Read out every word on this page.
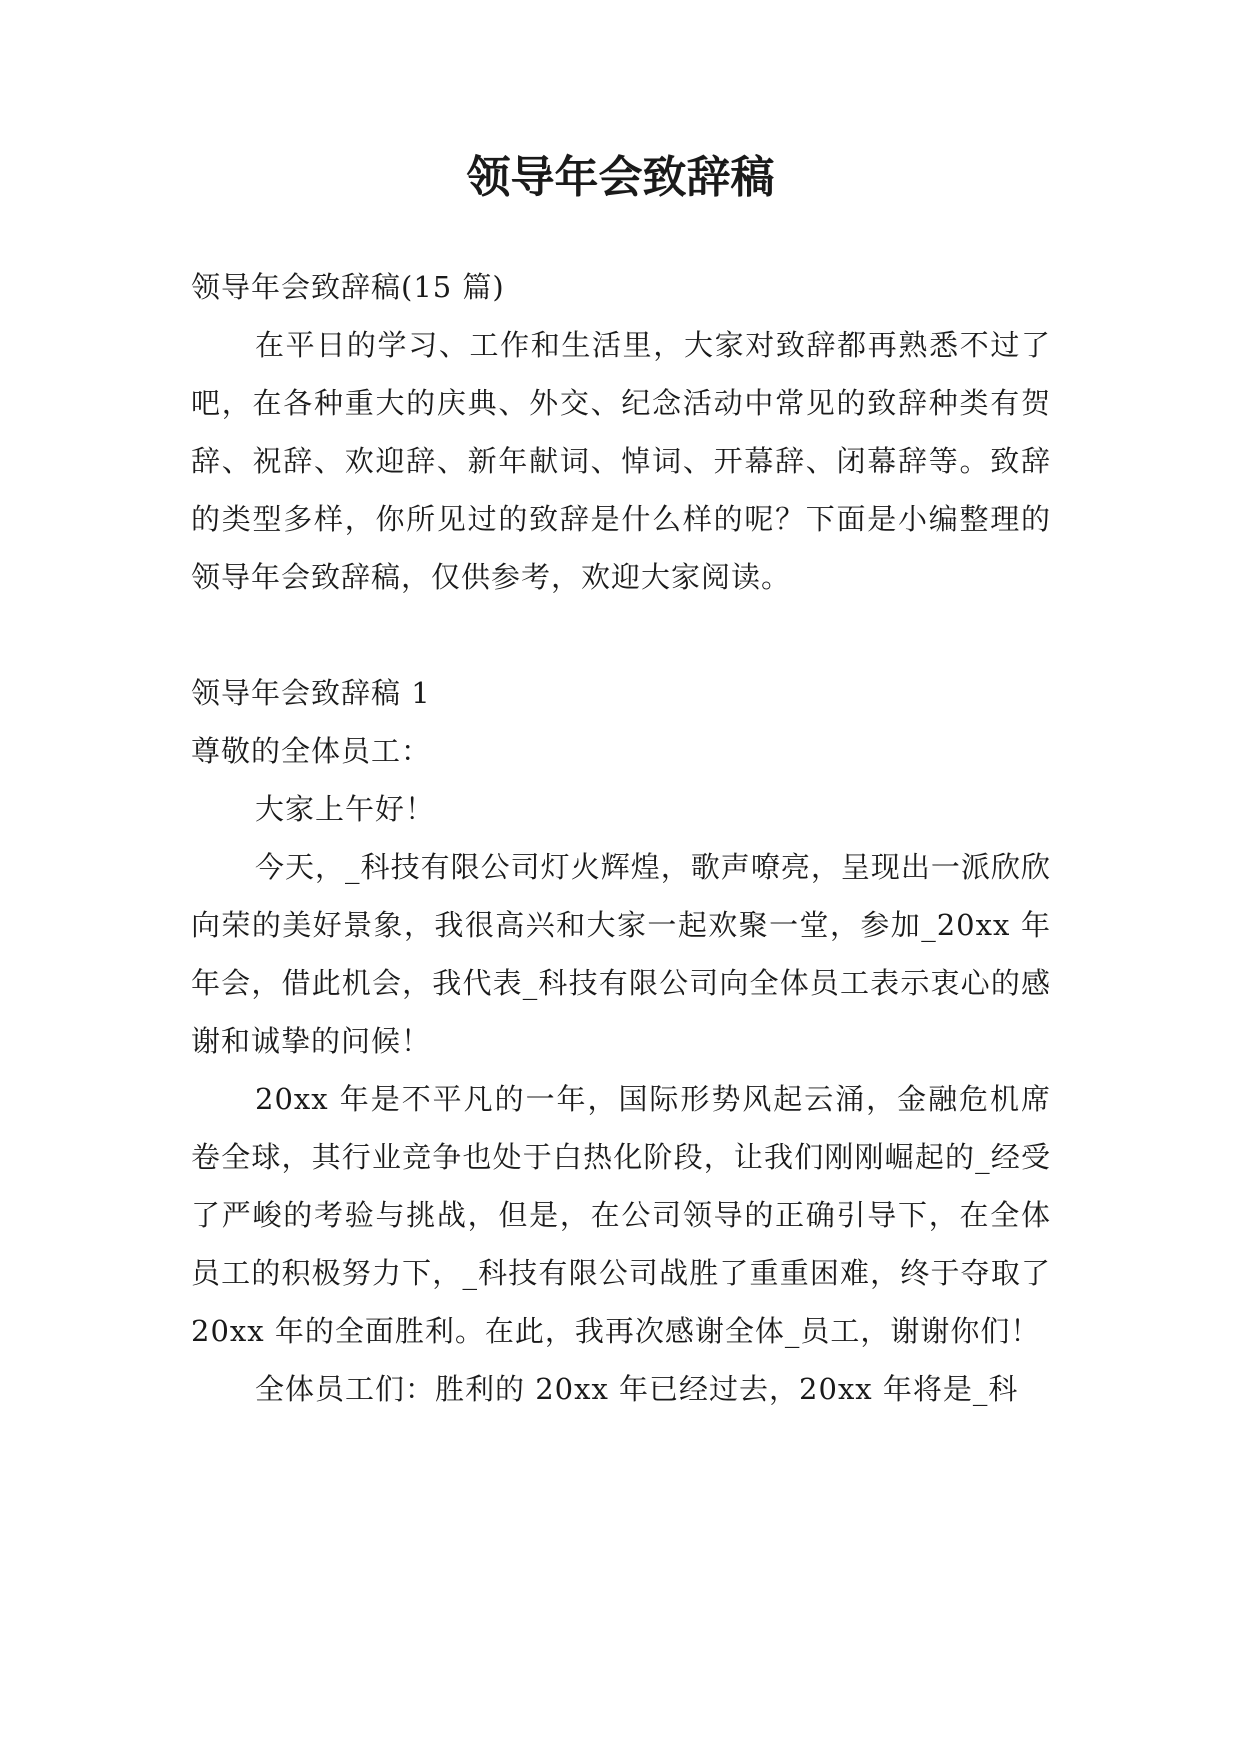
领导年会致辞稿

领导年会致辞稿(15 篇)

在平日的学习、工作和生活里，大家对致辞都再熟悉不过了吧，在各种重大的庆典、外交、纪念活动中常见的致辞种类有贺辞、祝辞、欢迎辞、新年献词、悼词、开幕辞、闭幕辞等。致辞的类型多样，你所见过的致辞是什么样的呢？下面是小编整理的领导年会致辞稿，仅供参考，欢迎大家阅读。

领导年会致辞稿 1

尊敬的全体员工：

大家上午好！

今天，_科技有限公司灯火辉煌，歌声嘹亮，呈现出一派欣欣向荣的美好景象，我很高兴和大家一起欢聚一堂，参加_20xx 年年会，借此机会，我代表_科技有限公司向全体员工表示衷心的感谢和诚挚的问候！

20xx 年是不平凡的一年，国际形势风起云涌，金融危机席卷全球，其行业竞争也处于白热化阶段，让我们刚刚崛起的_经受了严峻的考验与挑战，但是，在公司领导的正确引导下，在全体员工的积极努力下，_科技有限公司战胜了重重困难，终于夺取了 20xx 年的全面胜利。在此，我再次感谢全体_员工，谢谢你们！

全体员工们：胜利的 20xx 年已经过去，20xx 年将是_科
